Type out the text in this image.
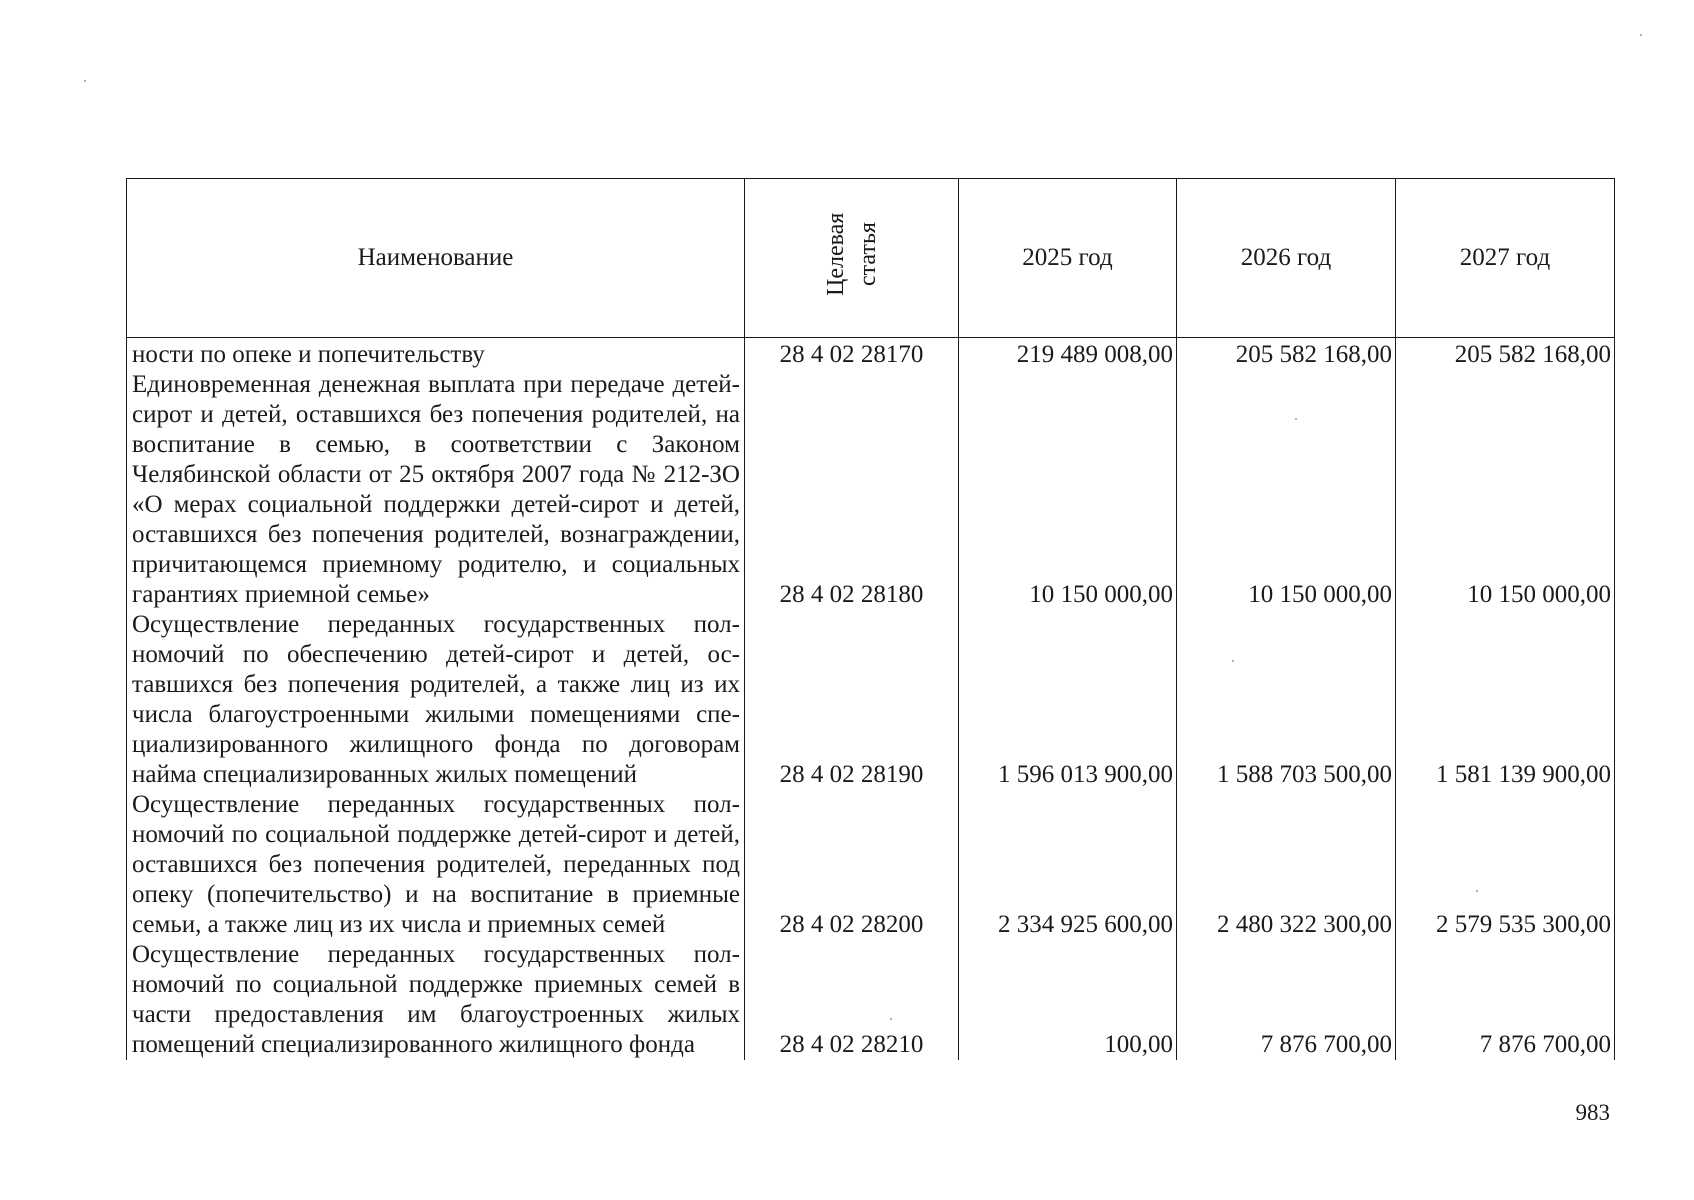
Наименование	Целевая статья	2025 год	2026 год	2027 год
ности по опеке и попечительству	28 4 02 28170	219 489 008,00	205 582 168,00	205 582 168,00
Единовременная денежная выплата при передаче детей-сирот и детей, оставшихся без попечения родителей, на воспитание в семью, в соответствии с Законом Челябинской области от 25 октября 2007 года № 212-ЗО «О мерах социальной поддержки детей-сирот и детей, оставшихся без попечения родителей, вознаграждении, причитающемся приемному родителю, и социальных гарантиях приемной семье»	28 4 02 28180	10 150 000,00	10 150 000,00	10 150 000,00
Осуществление переданных государственных полномочий по обеспечению детей-сирот и детей, оставшихся без попечения родителей, а также лиц из их числа благоустроенными жилыми помещениями специализированного жилищного фонда по договорам найма специализированных жилых помещений	28 4 02 28190	1 596 013 900,00	1 588 703 500,00	1 581 139 900,00
Осуществление переданных государственных полномочий по социальной поддержке детей-сирот и детей, оставшихся без попечения родителей, переданных под опеку (попечительство) и на воспитание в приемные семьи, а также лиц из их числа и приемных семей	28 4 02 28200	2 334 925 600,00	2 480 322 300,00	2 579 535 300,00
Осуществление переданных государственных полномочий по социальной поддержке приемных семей в части предоставления им благоустроенных жилых помещений специализированного жилищного фонда	28 4 02 28210	100,00	7 876 700,00	7 876 700,00
983
